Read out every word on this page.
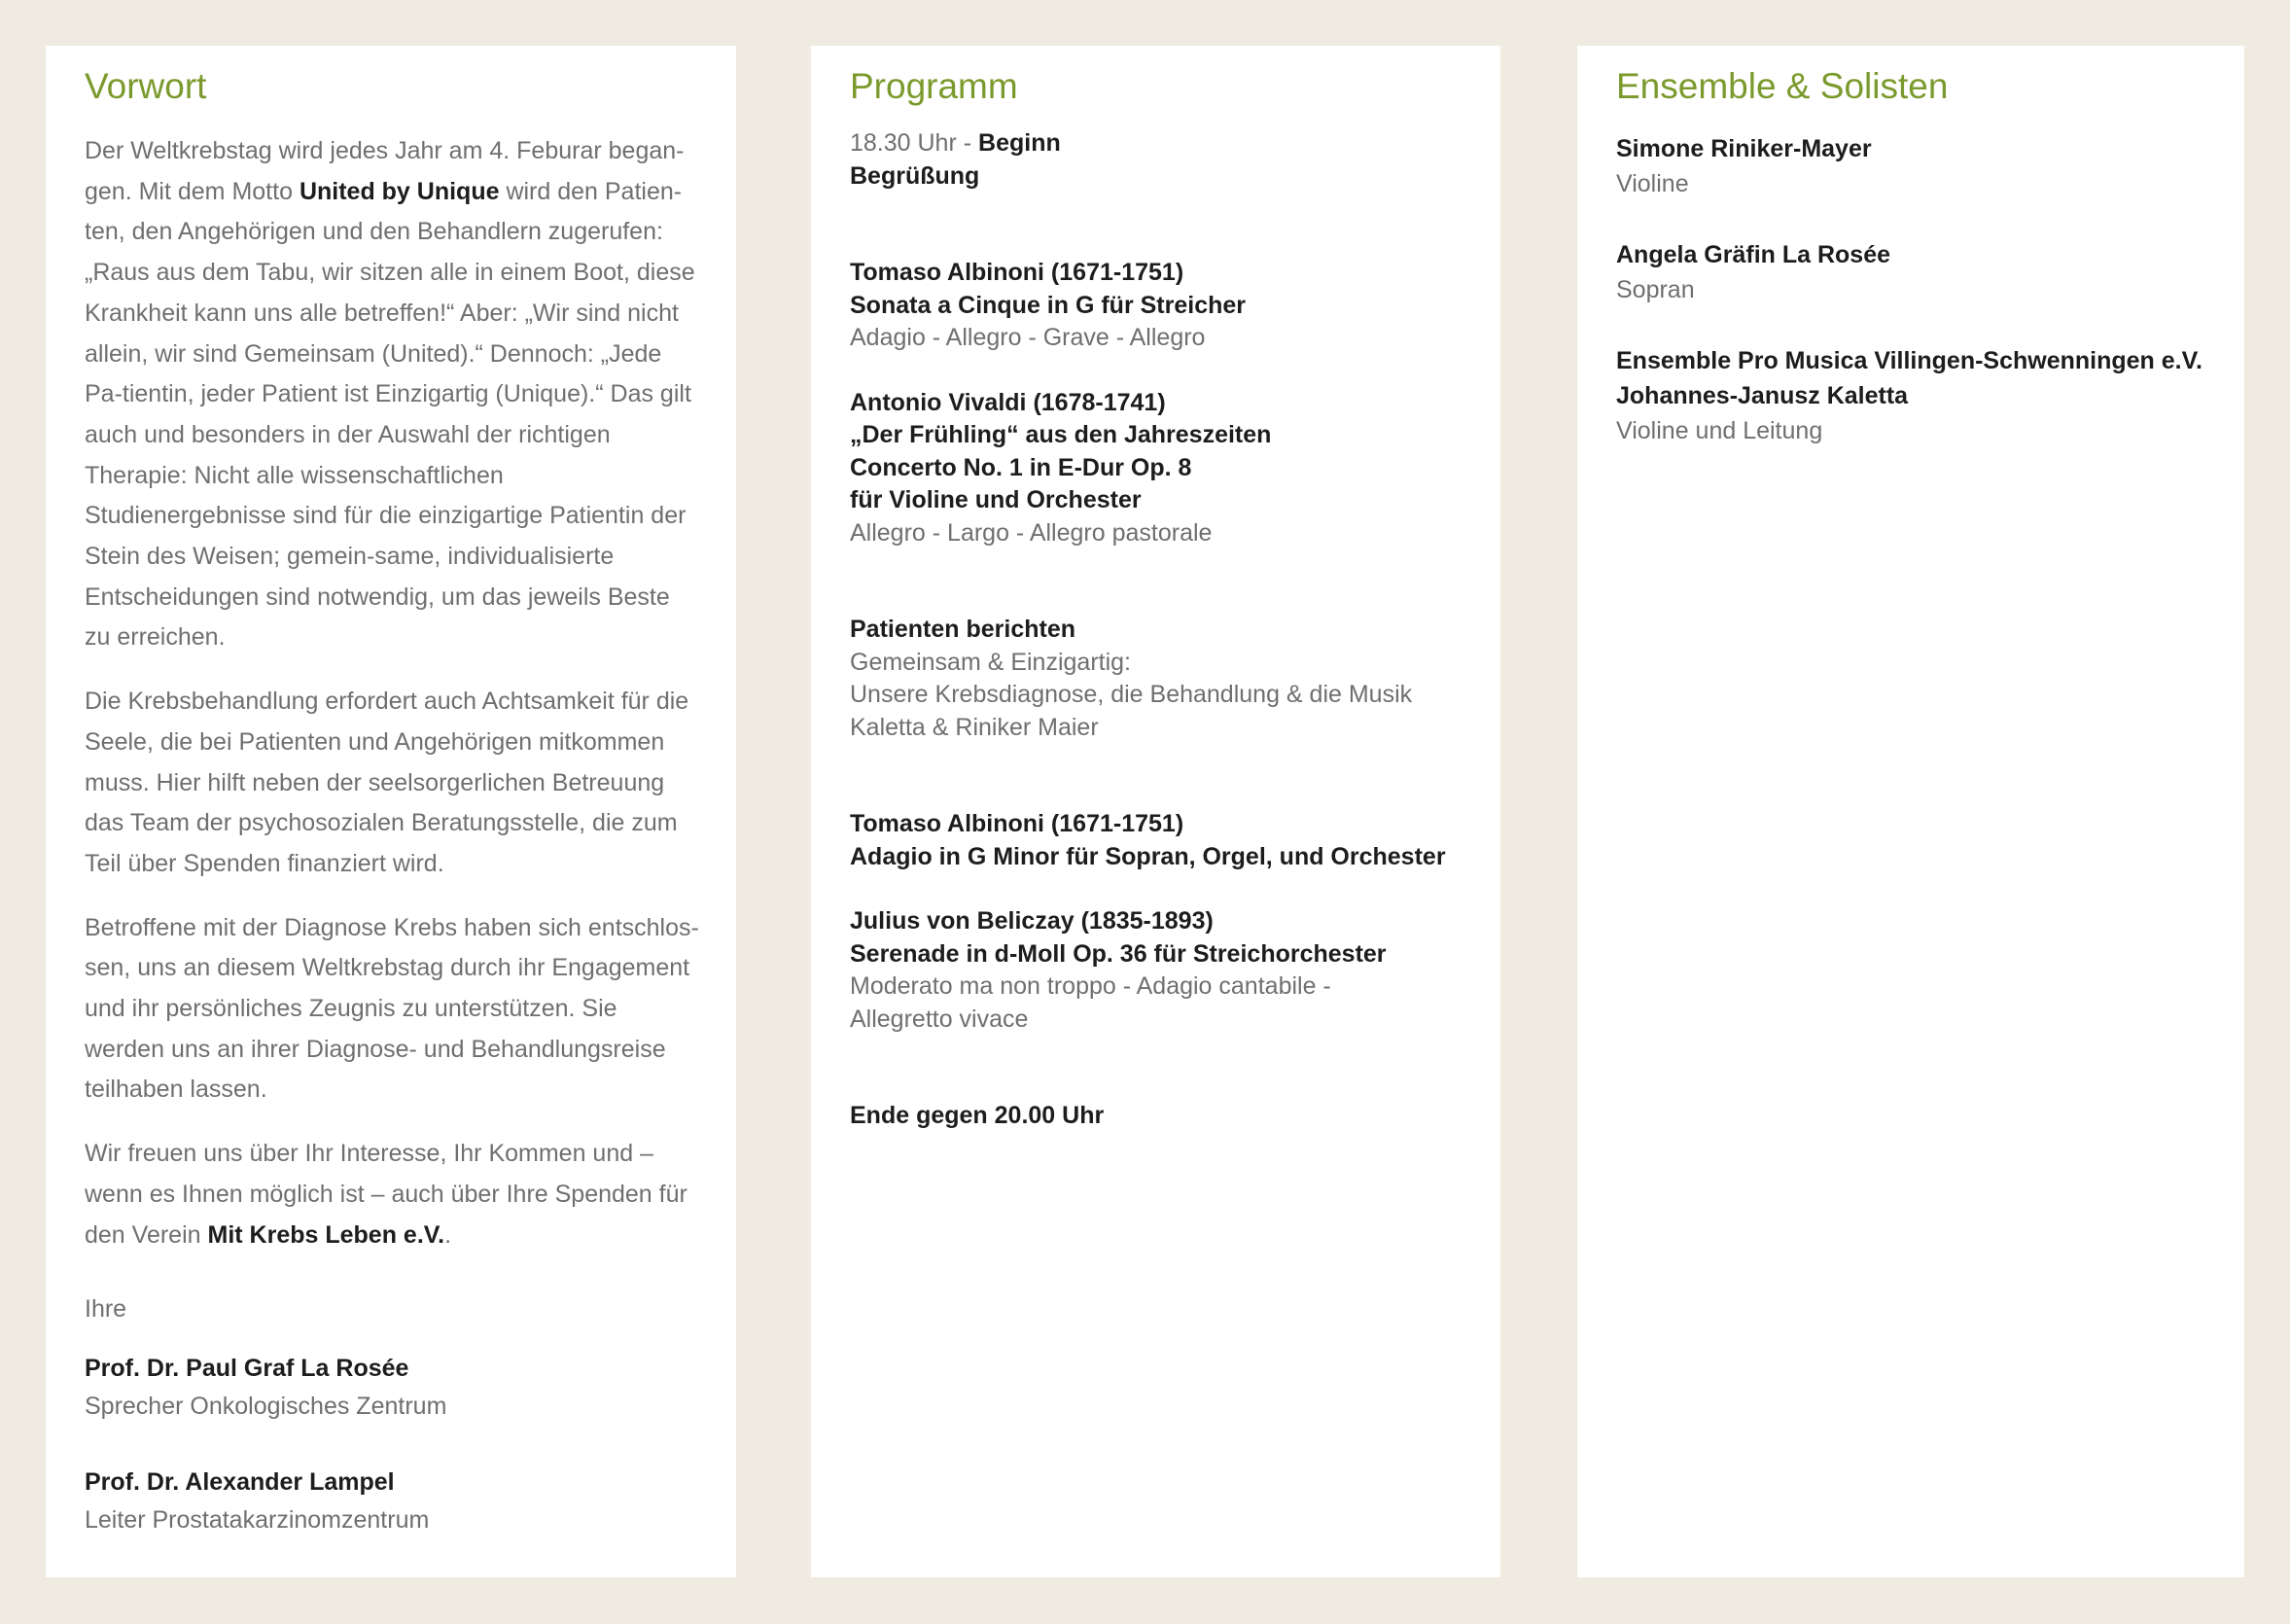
Vorwort

Der Weltkrebstag wird jedes Jahr am 4. Feburar began-gen. Mit dem Motto United by Unique wird den Patien-ten, den Angehörigen und den Behandlern zugerufen: „Raus aus dem Tabu, wir sitzen alle in einem Boot, diese Krankheit kann uns alle betreffen!“ Aber: „Wir sind nicht allein, wir sind Gemeinsam (United).“ Dennoch: „Jede Pa-tientin, jeder Patient ist Einzigartig (Unique).“ Das gilt auch und besonders in der Auswahl der richtigen Therapie: Nicht alle wissenschaftlichen Studienergebnisse sind für die einzigartige Patientin der Stein des Weisen; gemein-same, individualisierte Entscheidungen sind notwendig, um das jeweils Beste zu erreichen.

Die Krebsbehandlung erfordert auch Achtsamkeit für die Seele, die bei Patienten und Angehörigen mitkommen muss. Hier hilft neben der seelsorgerlichen Betreuung das Team der psychosozialen Beratungsstelle, die zum Teil über Spenden finanziert wird.

Betroffene mit der Diagnose Krebs haben sich entschlos-sen, uns an diesem Weltkrebstag durch ihr Engagement und ihr persönliches Zeugnis zu unterstützen. Sie werden uns an ihrer Diagnose- und Behandlungsreise teilhaben lassen.

Wir freuen uns über Ihr Interesse, Ihr Kommen und – wenn es Ihnen möglich ist – auch über Ihre Spenden für den Verein Mit Krebs Leben e.V..

Ihre
Prof. Dr. Paul Graf La Rosée
Sprecher Onkologisches Zentrum
Prof. Dr. Alexander Lampel
Leiter Prostatakarzinomzentrum
Programm
18.30 Uhr - Beginn
Begrüßung
Tomaso Albinoni (1671-1751)
Sonata a Cinque in G für Streicher
Adagio - Allegro - Grave - Allegro
Antonio Vivaldi (1678-1741)
„Der Frühling“ aus den Jahreszeiten
Concerto No. 1 in E-Dur Op. 8
für Violine und Orchester
Allegro - Largo - Allegro pastorale
Patienten berichten
Gemeinsam & Einzigartig:
Unsere Krebsdiagnose, die Behandlung & die Musik
Kaletta & Riniker Maier
Tomaso Albinoni (1671-1751)
Adagio in G Minor für Sopran, Orgel, und Orchester
Julius von Beliczay (1835-1893)
Serenade in d-Moll Op. 36 für Streichorchester
Moderato ma non troppo - Adagio cantabile -
Allegretto vivace
Ende gegen 20.00 Uhr
Ensemble & Solisten
Simone Riniker-Mayer
Violine
Angela Gräfin La Rosée
Sopran
Ensemble Pro Musica Villingen-Schwenningen e.V.
Johannes-Janusz Kaletta
Violine und Leitung
